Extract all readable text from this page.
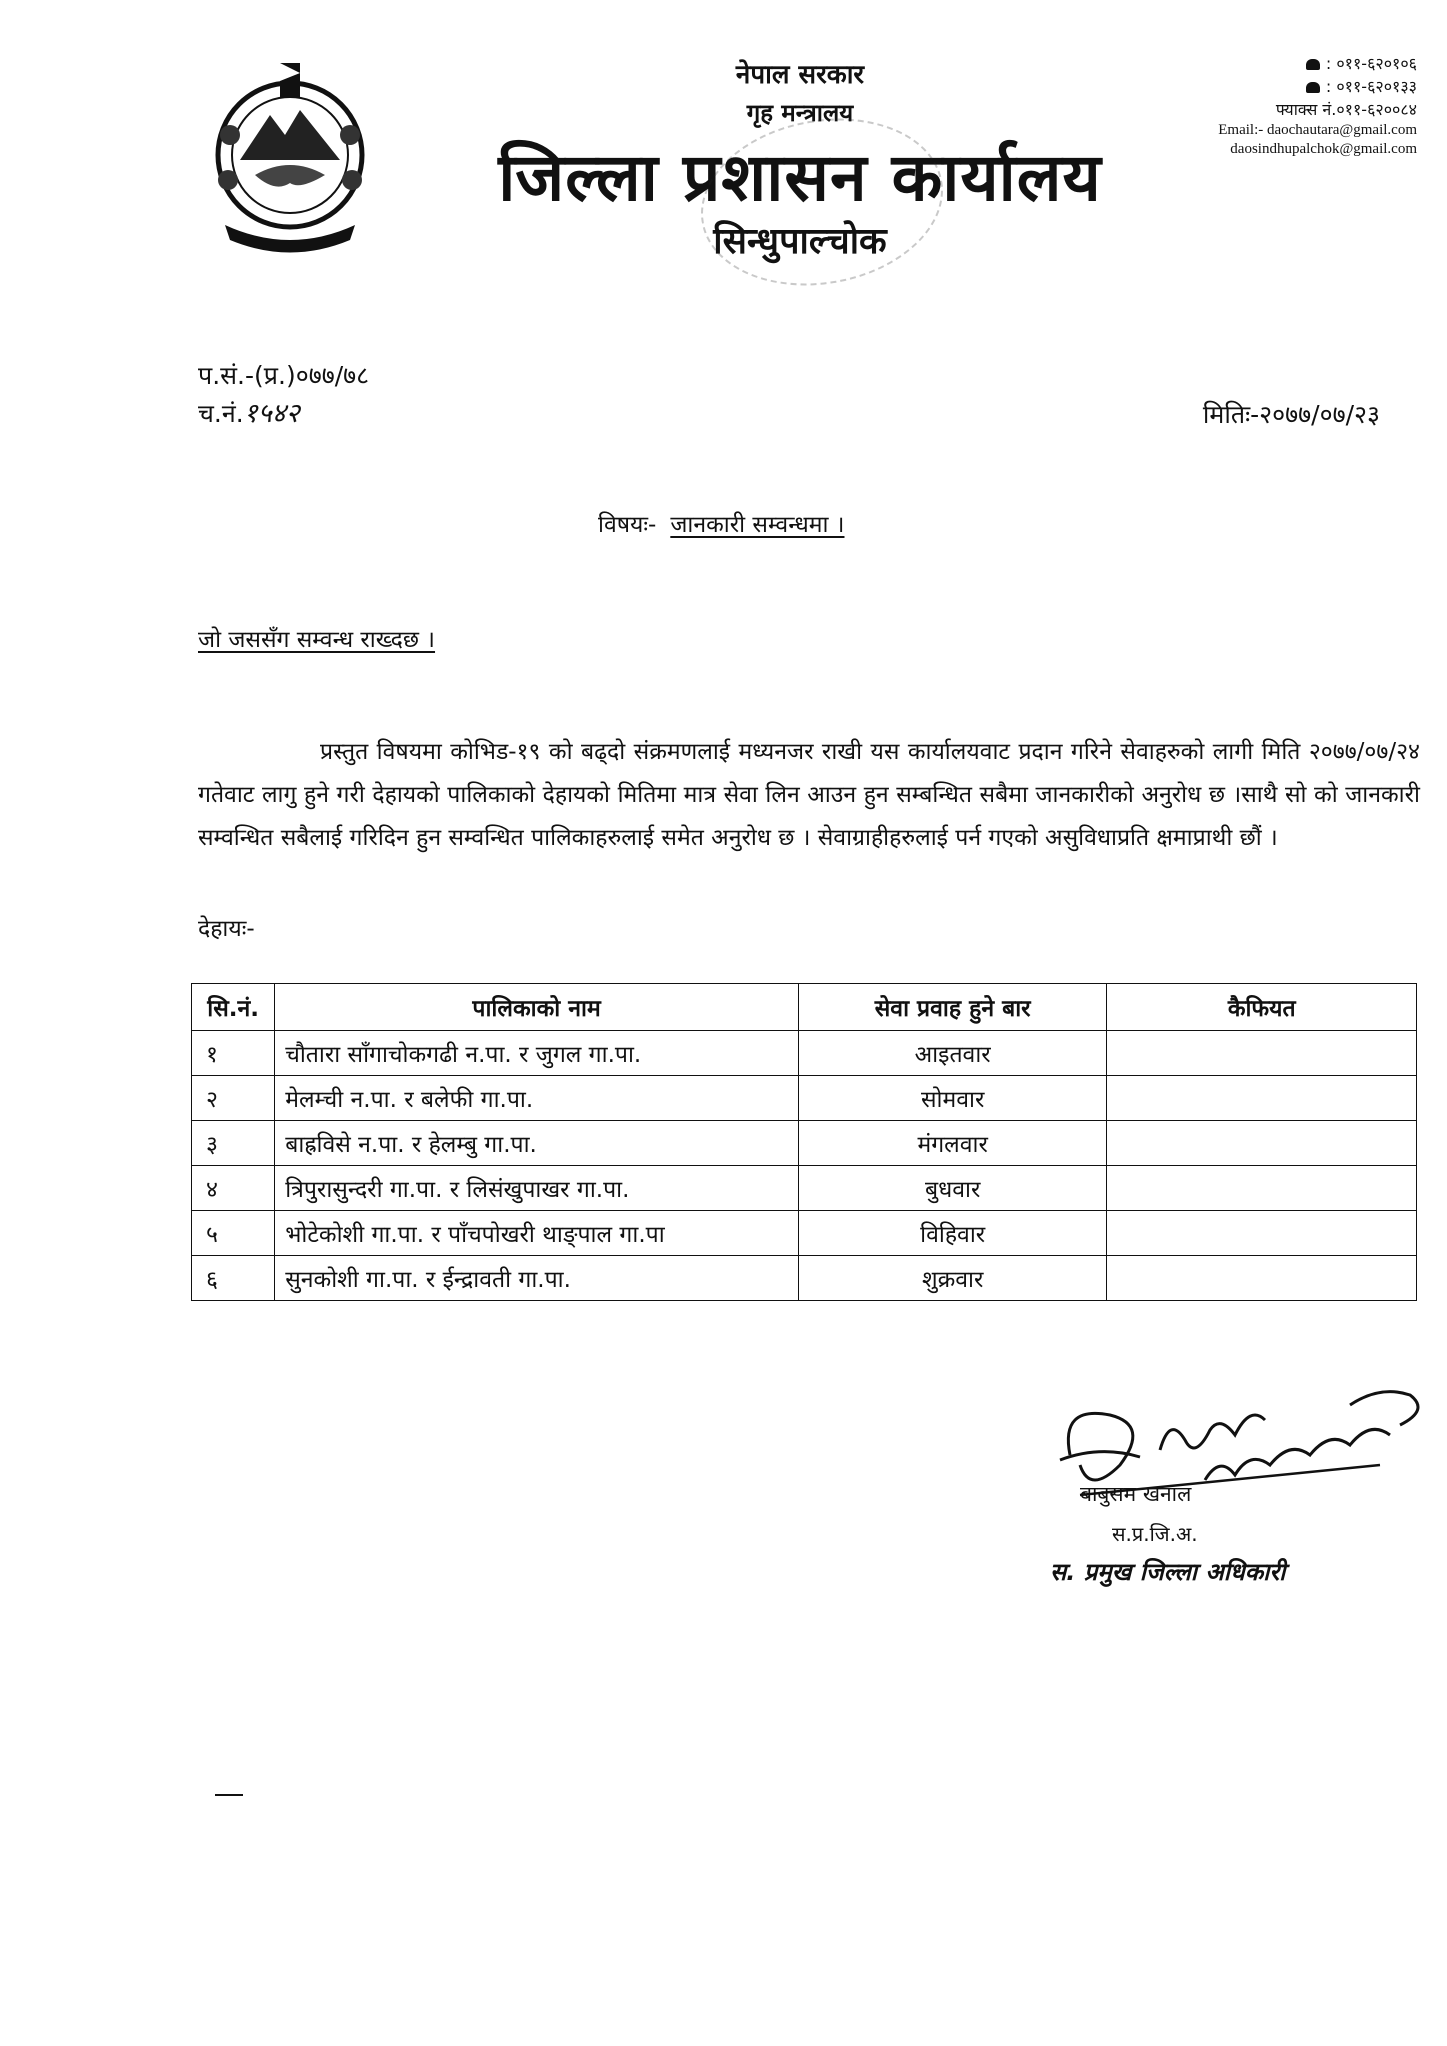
नेपाल सरकार
गृह मन्त्रालय
जिल्ला प्रशासन कार्यालय
सिन्धुपाल्चोक
: ०११-६२०१०६
: ०११-६२०१३३
फ्याक्स नं.०११-६२००८४
Email:- daochautara@gmail.com
daosindhupalchok@gmail.com
प.सं.-(प्र.)०७७/७८
च.नं.१५४२	मितिः-२०७७/०७/२३
विषयः- जानकारी सम्वन्धमा ।
जो जससँग सम्वन्ध राख्दछ ।
प्रस्तुत विषयमा कोभिड-१९ को बढ्दो संक्रमणलाई मध्यनजर राखी यस कार्यालयवाट प्रदान गरिने सेवाहरुको लागी मिति २०७७/०७/२४ गतेवाट लागु हुने गरी देहायको पालिकाको देहायको मितिमा मात्र सेवा लिन आउन हुन सम्बन्धित सबैमा जानकारीको अनुरोध छ ।साथै सो को जानकारी सम्वन्धित सबैलाई गरिदिन हुन सम्वन्धित पालिकाहरुलाई समेत अनुरोध छ । सेवाग्राहीहरुलाई पर्न गएको असुविधाप्रति क्षमाप्राथी छौं ।
देहायः-
सि.नं.	पालिकाको नाम	सेवा प्रवाह हुने बार	कैफियत
१	चौतारा साँगाचोकगढी न.पा. र जुगल गा.पा.	आइतवार	
२	मेलम्ची न.पा. र बलेफी गा.पा.	सोमवार	
३	बाह्रविसे न.पा. र हेलम्बु गा.पा.	मंगलवार	
४	त्रिपुरासुन्दरी गा.पा. र लिसंखुपाखर गा.पा.	बुधवार	
५	भोटेकोशी गा.पा. र पाँचपोखरी थाङ्पाल गा.पा	विहिवार	
६	सुनकोशी गा.पा. र ईन्द्रावती गा.पा.	शुक्रवार	
बाबुसम खनाल
स.प्र.जि.अ.
स. प्रमुख जिल्ला अधिकारी
